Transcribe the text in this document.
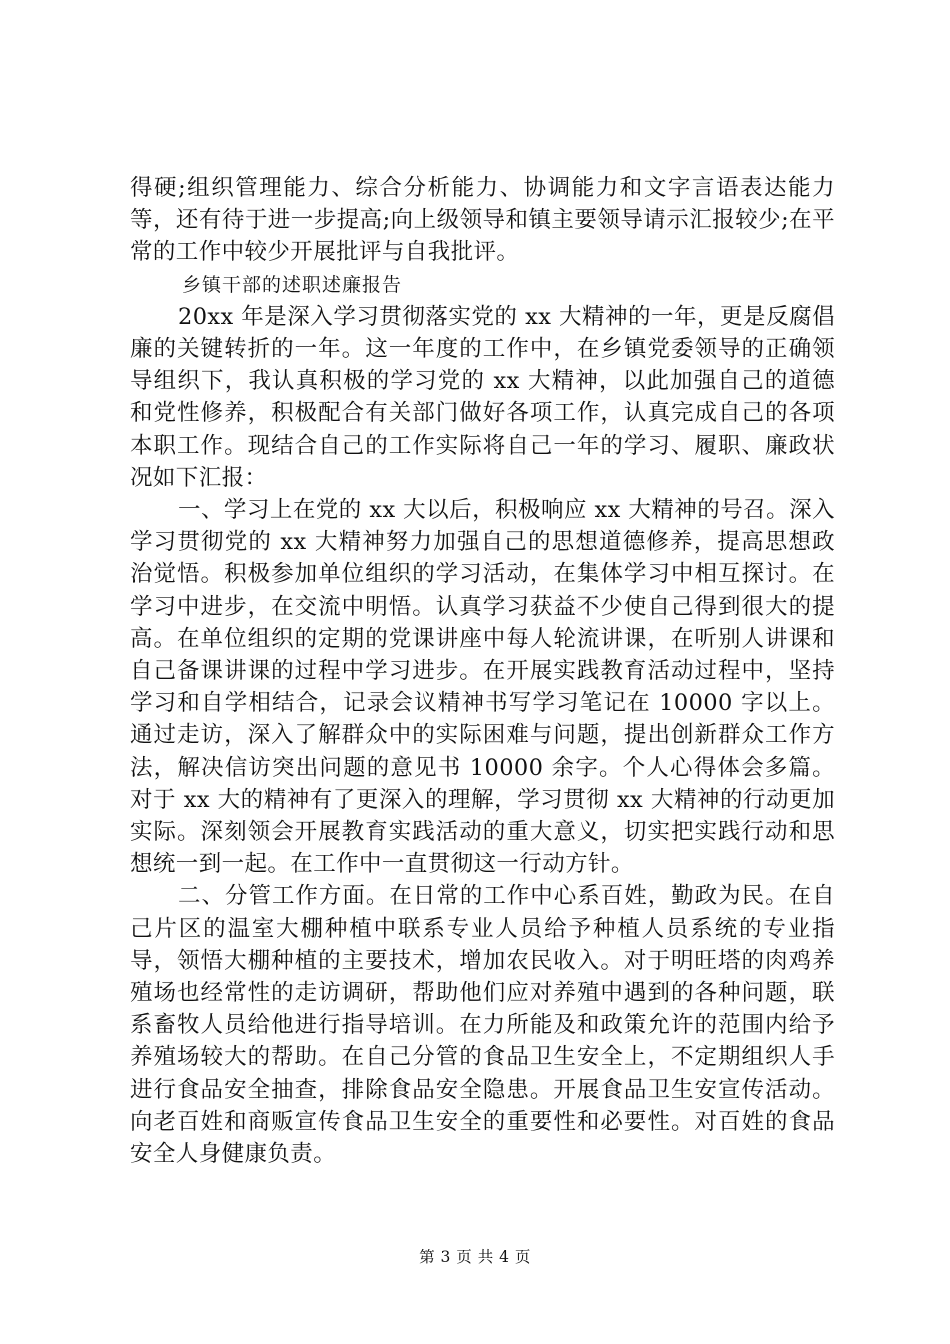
得硬;组织管理能力、综合分析能力、协调能力和文字言语表达能力等，还有待于进一步提高;向上级领导和镇主要领导请示汇报较少;在平常的工作中较少开展批评与自我批评。

乡镇干部的述职述廉报告

20xx 年是深入学习贯彻落实党的 xx 大精神的一年，更是反腐倡廉的关键转折的一年。这一年度的工作中，在乡镇党委领导的正确领导组织下，我认真积极的学习党的 xx 大精神，以此加强自己的道德和党性修养，积极配合有关部门做好各项工作，认真完成自己的各项本职工作。现结合自己的工作实际将自己一年的学习、履职、廉政状况如下汇报：

一、学习上在党的 xx 大以后，积极响应 xx 大精神的号召。深入学习贯彻党的 xx 大精神努力加强自己的思想道德修养，提高思想政治觉悟。积极参加单位组织的学习活动，在集体学习中相互探讨。在学习中进步，在交流中明悟。认真学习获益不少使自己得到很大的提高。在单位组织的定期的党课讲座中每人轮流讲课，在听别人讲课和自己备课讲课的过程中学习进步。在开展实践教育活动过程中，坚持学习和自学相结合，记录会议精神书写学习笔记在 10000 字以上。通过走访，深入了解群众中的实际困难与问题，提出创新群众工作方法，解决信访突出问题的意见书 10000 余字。个人心得体会多篇。对于 xx 大的精神有了更深入的理解，学习贯彻 xx 大精神的行动更加实际。深刻领会开展教育实践活动的重大意义，切实把实践行动和思想统一到一起。在工作中一直贯彻这一行动方针。

二、分管工作方面。在日常的工作中心系百姓，勤政为民。在自己片区的温室大棚种植中联系专业人员给予种植人员系统的专业指导，领悟大棚种植的主要技术，增加农民收入。对于明旺塔的肉鸡养殖场也经常性的走访调研，帮助他们应对养殖中遇到的各种问题，联系畜牧人员给他进行指导培训。在力所能及和政策允许的范围内给予养殖场较大的帮助。在自己分管的食品卫生安全上，不定期组织人手进行食品安全抽查，排除食品安全隐患。开展食品卫生安宣传活动。向老百姓和商贩宣传食品卫生安全的重要性和必要性。对百姓的食品安全人身健康负责。

第 3 页 共 4 页
